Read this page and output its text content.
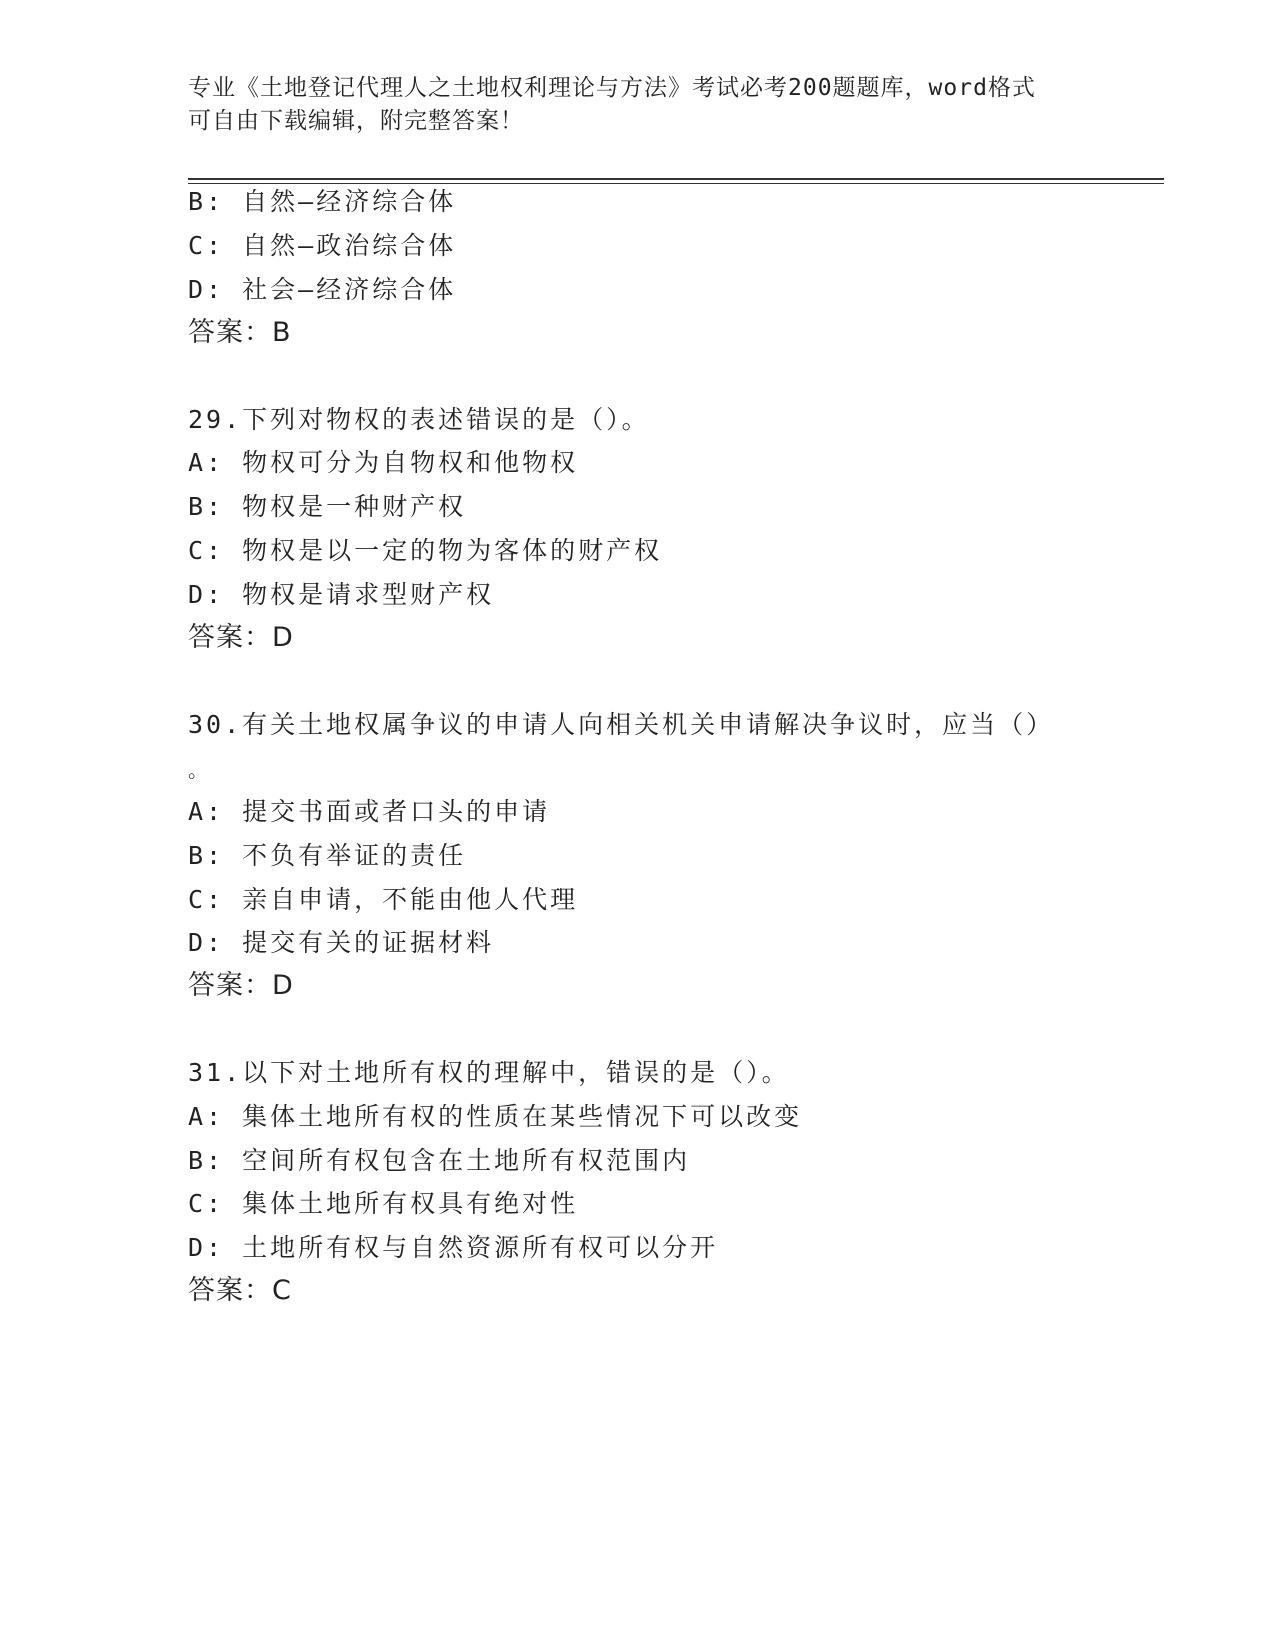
专业《土地登记代理人之土地权利理论与方法》考试必考200题题库，word格式
可自由下载编辑，附完整答案！
B: 自然—经济综合体
C: 自然—政治综合体
D: 社会—经济综合体
答案：B
29.下列对物权的表述错误的是（）。
A: 物权可分为自物权和他物权
B: 物权是一种财产权
C: 物权是以一定的物为客体的财产权
D: 物权是请求型财产权
答案：D
30.有关土地权属争议的申请人向相关机关申请解决争议时，应当（）
。
A: 提交书面或者口头的申请
B: 不负有举证的责任
C: 亲自申请，不能由他人代理
D: 提交有关的证据材料
答案：D
31.以下对土地所有权的理解中，错误的是（）。
A: 集体土地所有权的性质在某些情况下可以改变
B: 空间所有权包含在土地所有权范围内
C: 集体土地所有权具有绝对性
D: 土地所有权与自然资源所有权可以分开
答案：C
